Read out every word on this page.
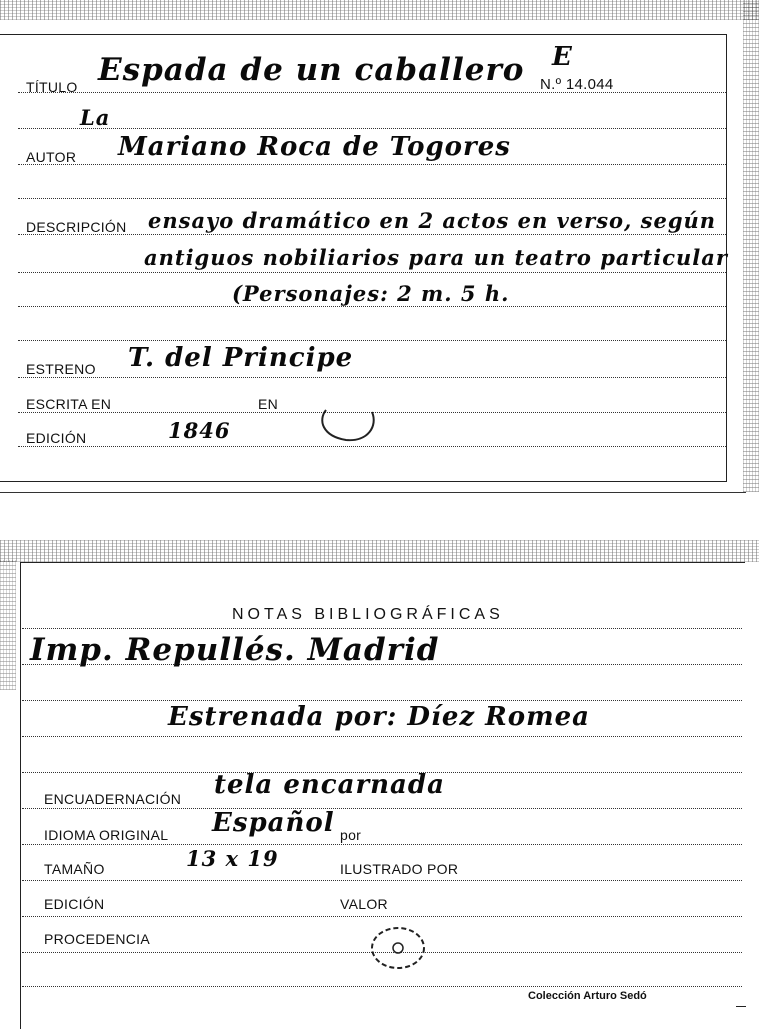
TÍTULO Espada de un caballero E
N.º 14.044
La
AUTOR Mariano Roca de Togores
DESCRIPCIÓN ensayo dramático en 2 actos en verso, según
antiguos nobiliarios para un teatro particular
(Personajes: 2 m. 5 h.
ESTRENO T. del Principe
ESCRITA EN	EN
EDICIÓN	1846
NOTAS BIBLIOGRÁFICAS
Imp. Repullés. Madrid
Estrenada por: Díez Romea
ENCUADERNACIÓN tela encarnada
IDIOMA ORIGINAL Español por
TAMAÑO	13 x 19	ILUSTRADO POR
EDICIÓN	VALOR
PROCEDENCIA
Colección Arturo Sedó
